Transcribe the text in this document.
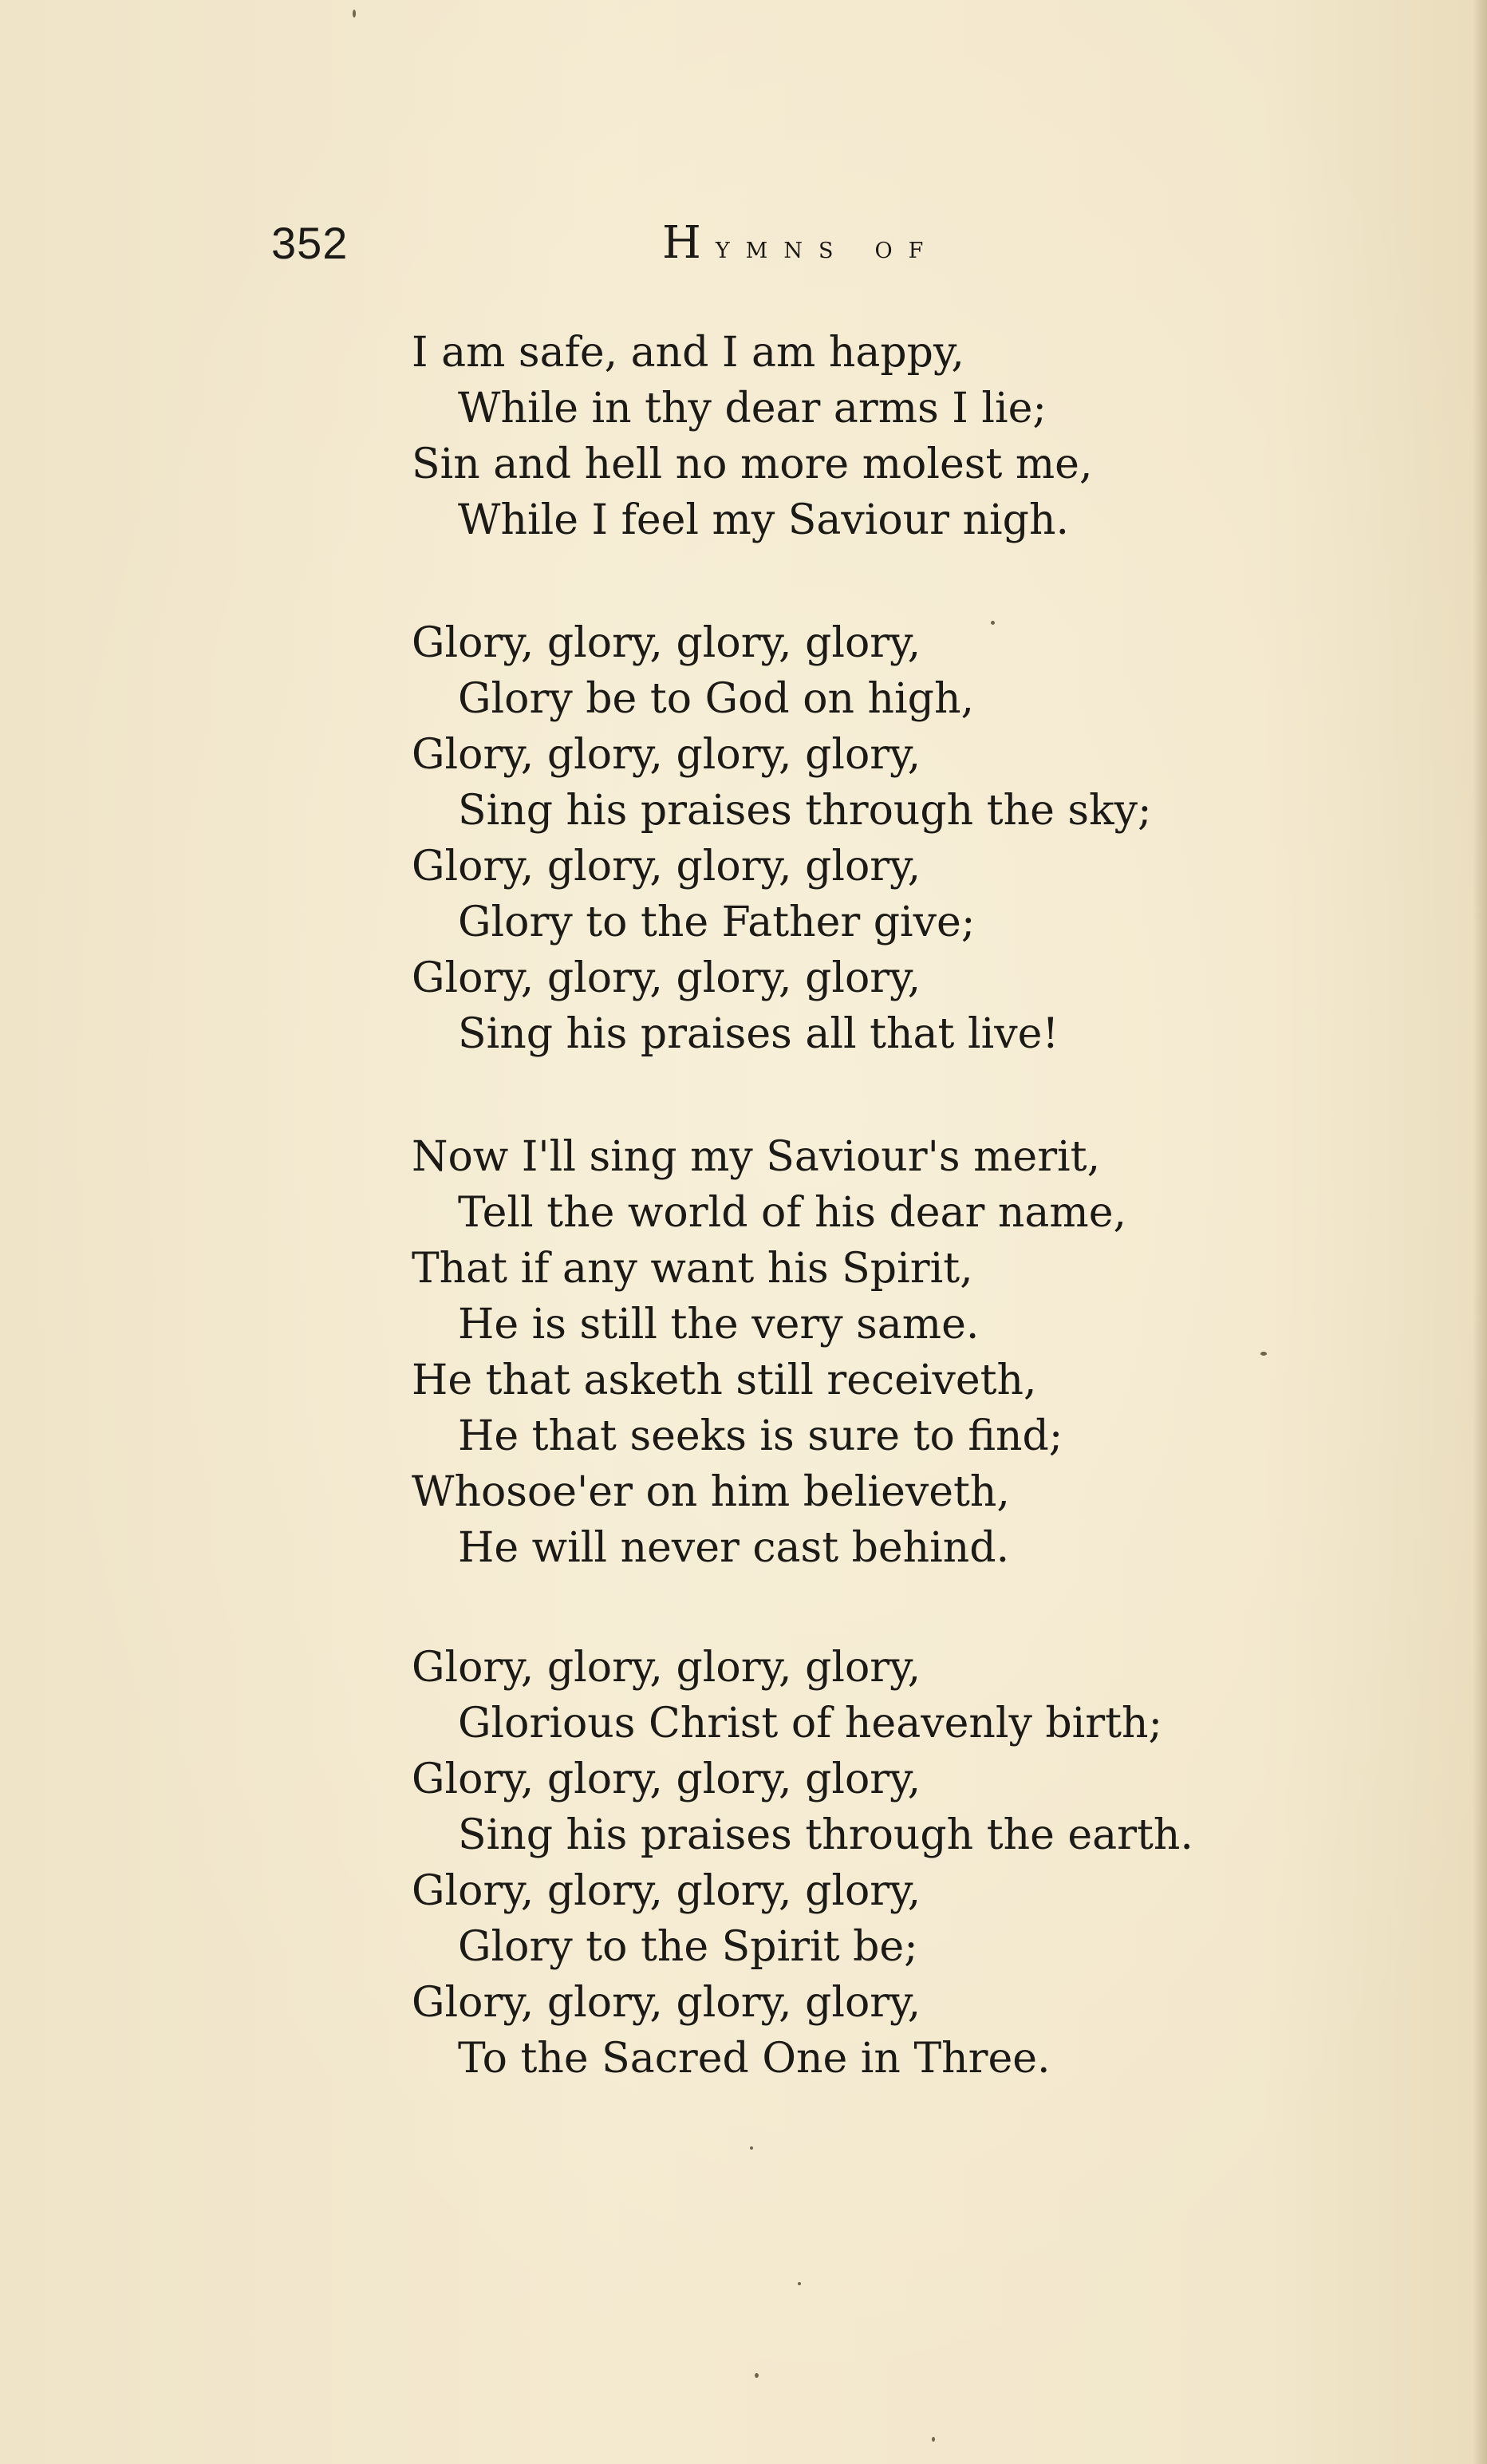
352	Hymns of
I am safe, and I am happy,
While in thy dear arms I lie;
Sin and hell no more molest me,
While I feel my Saviour nigh.
Glory, glory, glory, glory,
Glory be to God on high,
Glory, glory, glory, glory,
Sing his praises through the sky;
Glory, glory, glory, glory,
Glory to the Father give;
Glory, glory, glory, glory,
Sing his praises all that live!
Now I'll sing my Saviour's merit,
Tell the world of his dear name,
That if any want his Spirit,
He is still the very same.
He that asketh still receiveth,
He that seeks is sure to find;
Whosoe'er on him believeth,
He will never cast behind.
Glory, glory, glory, glory,
Glorious Christ of heavenly birth;
Glory, glory, glory, glory,
Sing his praises through the earth.
Glory, glory, glory, glory,
Glory to the Spirit be;
Glory, glory, glory, glory,
To the Sacred One in Three.
